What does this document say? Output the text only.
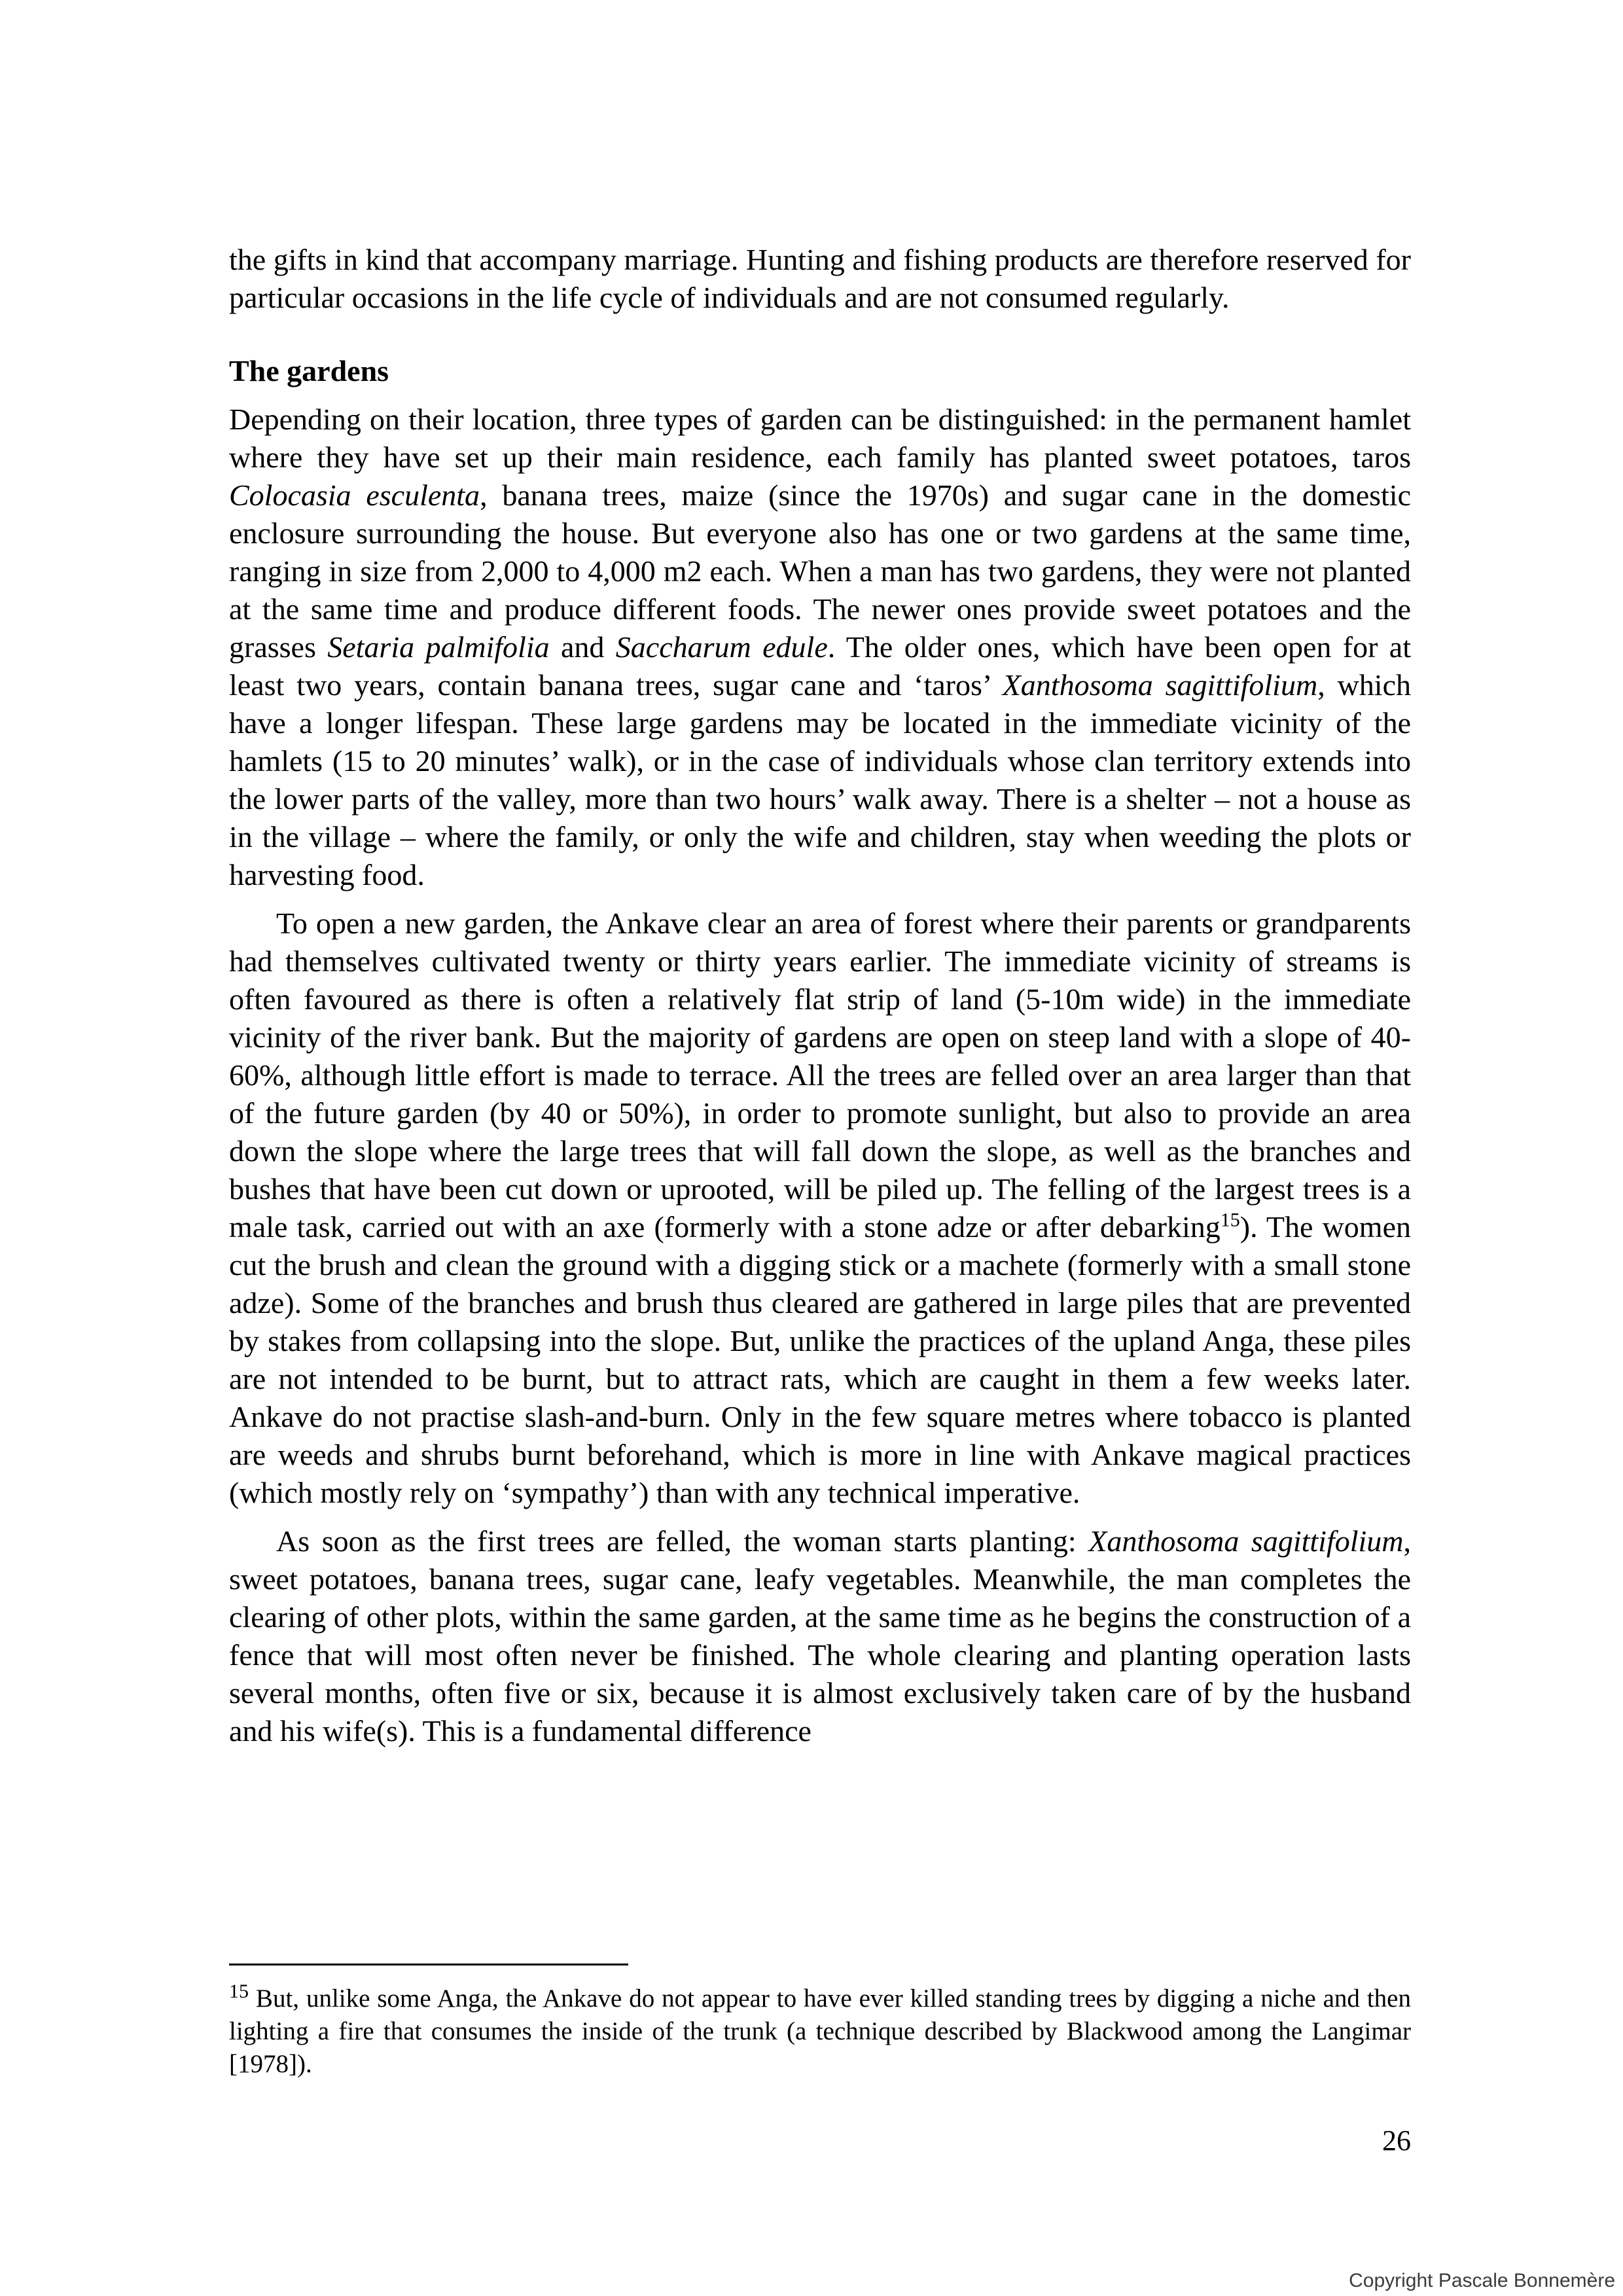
the gifts in kind that accompany marriage. Hunting and fishing products are therefore reserved for particular occasions in the life cycle of individuals and are not consumed regularly.

The gardens

Depending on their location, three types of garden can be distinguished: in the permanent hamlet where they have set up their main residence, each family has planted sweet potatoes, taros Colocasia esculenta, banana trees, maize (since the 1970s) and sugar cane in the domestic enclosure surrounding the house. But everyone also has one or two gardens at the same time, ranging in size from 2,000 to 4,000 m2 each. When a man has two gardens, they were not planted at the same time and produce different foods. The newer ones provide sweet potatoes and the grasses Setaria palmifolia and Saccharum edule. The older ones, which have been open for at least two years, contain banana trees, sugar cane and ‘taros’ Xanthosoma sagittifolium, which have a longer lifespan. These large gardens may be located in the immediate vicinity of the hamlets (15 to 20 minutes’ walk), or in the case of individuals whose clan territory extends into the lower parts of the valley, more than two hours’ walk away. There is a shelter – not a house as in the village – where the family, or only the wife and children, stay when weeding the plots or harvesting food.

To open a new garden, the Ankave clear an area of forest where their parents or grandparents had themselves cultivated twenty or thirty years earlier. The immediate vicinity of streams is often favoured as there is often a relatively flat strip of land (5-10m wide) in the immediate vicinity of the river bank. But the majority of gardens are open on steep land with a slope of 40-60%, although little effort is made to terrace. All the trees are felled over an area larger than that of the future garden (by 40 or 50%), in order to promote sunlight, but also to provide an area down the slope where the large trees that will fall down the slope, as well as the branches and bushes that have been cut down or uprooted, will be piled up. The felling of the largest trees is a male task, carried out with an axe (formerly with a stone adze or after debarking$^{15}$). The women cut the brush and clean the ground with a digging stick or a machete (formerly with a small stone adze). Some of the branches and brush thus cleared are gathered in large piles that are prevented by stakes from collapsing into the slope. But, unlike the practices of the upland Anga, these piles are not intended to be burnt, but to attract rats, which are caught in them a few weeks later. Ankave do not practise slash-and-burn. Only in the few square metres where tobacco is planted are weeds and shrubs burnt beforehand, which is more in line with Ankave magical practices (which mostly rely on ‘sympathy’) than with any technical imperative.

As soon as the first trees are felled, the woman starts planting: Xanthosoma sagittifolium, sweet potatoes, banana trees, sugar cane, leafy vegetables. Meanwhile, the man completes the clearing of other plots, within the same garden, at the same time as he begins the construction of a fence that will most often never be finished. The whole clearing and planting operation lasts several months, often five or six, because it is almost exclusively taken care of by the husband and his wife(s). This is a fundamental difference

$^{15}$ But, unlike some Anga, the Ankave do not appear to have ever killed standing trees by digging a niche and then lighting a fire that consumes the inside of the trunk (a technique described by Blackwood among the Langimar [1978]).

26
Copyright Pascale Bonnemère
